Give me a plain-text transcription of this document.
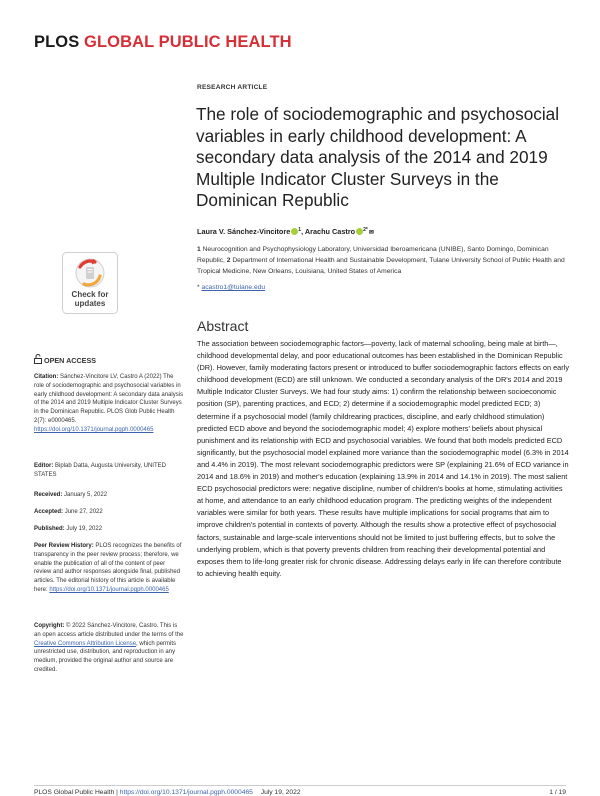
PLOS GLOBAL PUBLIC HEALTH
RESEARCH ARTICLE
The role of sociodemographic and psychosocial variables in early childhood development: A secondary data analysis of the 2014 and 2019 Multiple Indicator Cluster Surveys in the Dominican Republic
Laura V. Sánchez-Vincitore $^1$, Arachu Castro $^{2*}$✉
1 Neurocognition and Psychophysiology Laboratory, Universidad Iberoamericana (UNIBE), Santo Domingo, Dominican Republic, 2 Department of International Health and Sustainable Development, Tulane University School of Public Health and Tropical Medicine, New Orleans, Louisiana, United States of America
* acastro1@tulane.edu
Check for updates
OPEN ACCESS
Citation: Sánchez-Vincitore LV, Castro A (2022) The role of sociodemographic and psychosocial variables in early childhood development: A secondary data analysis of the 2014 and 2019 Multiple Indicator Cluster Surveys in the Dominican Republic. PLOS Glob Public Health 2(7): e0000465. https://doi.org/10.1371/journal.pgph.0000465
Editor: Biplab Datta, Augusta University, UNITED STATES
Received: January 5, 2022
Accepted: June 27, 2022
Published: July 19, 2022
Peer Review History: PLOS recognizes the benefits of transparency in the peer review process; therefore, we enable the publication of all of the content of peer review and author responses alongside final, published articles. The editorial history of this article is available here: https://doi.org/10.1371/journal.pgph.0000465
Copyright: © 2022 Sánchez-Vincitore, Castro. This is an open access article distributed under the terms of the Creative Commons Attribution License, which permits unrestricted use, distribution, and reproduction in any medium, provided the original author and source are credited.
Abstract
The association between sociodemographic factors—poverty, lack of maternal schooling, being male at birth—, childhood developmental delay, and poor educational outcomes has been established in the Dominican Republic (DR). However, family moderating factors present or introduced to buffer sociodemographic factors effects on early childhood development (ECD) are still unknown. We conducted a secondary analysis of the DR's 2014 and 2019 Multiple Indicator Cluster Surveys. We had four study aims: 1) confirm the relationship between socioeconomic position (SP), parenting practices, and ECD; 2) determine if a sociodemographic model predicted ECD; 3) determine if a psychosocial model (family childrearing practices, discipline, and early childhood stimulation) predicted ECD above and beyond the sociodemographic model; 4) explore mothers' beliefs about physical punishment and its relationship with ECD and psychosocial variables. We found that both models predicted ECD significantly, but the psychosocial model explained more variance than the sociodemographic model (6.3% in 2014 and 4.4% in 2019). The most relevant sociodemographic predictors were SP (explaining 21.6% of ECD variance in 2014 and 18.6% in 2019) and mother's education (explaining 13.9% in 2014 and 14.1% in 2019). The most salient ECD psychosocial predictors were: negative discipline, number of children's books at home, stimulating activities at home, and attendance to an early childhood education program. The predicting weights of the independent variables were similar for both years. These results have multiple implications for social programs that aim to improve children's potential in contexts of poverty. Although the results show a protective effect of psychosocial factors, sustainable and large-scale interventions should not be limited to just buffering effects, but to solve the underlying problem, which is that poverty prevents children from reaching their developmental potential and exposes them to life-long greater risk for chronic disease. Addressing delays early in life can therefore contribute to achieving health equity.
PLOS Global Public Health | https://doi.org/10.1371/journal.pgph.0000465 July 19, 2022	1 / 19
